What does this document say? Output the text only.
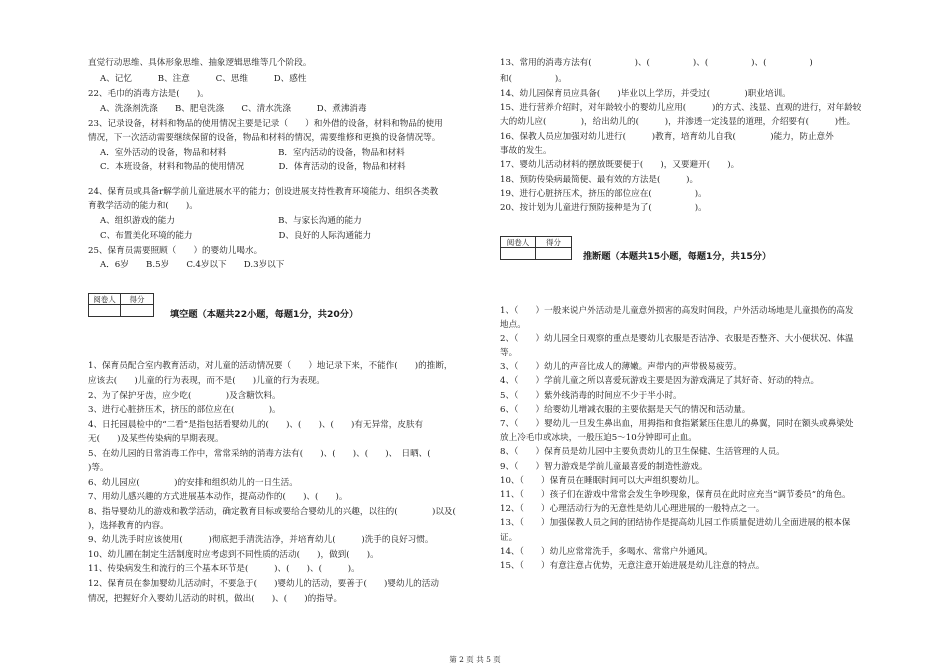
直觉行动思维、具体形象思维、抽象逻辑思维等几个阶段。
A、记忆　　　B、注意　　　C、思维　　　D、感性
22、毛巾的消毒方法是(　　)。
A、洗涤剂洗涤　　B、肥皂洗涤　　C、清水洗涤　　　D、煮沸消毒
23、记录设备，材料和物品的使用情况主要是记录（　　）和外借的设备，材料和物品的使用
情况，下一次活动需要继续保留的设备，物品和材料的情况，需要维修和更换的设备情况等。
A．室外活动的设备，物品和材料　　　　　　B．室内活动的设备，物品和材料
C．本班设备，材料和物品的使用情况　　　　D．体育活动的设备，物品和材料
24、保育员或具备r解学前儿童进展水平的能力；创设进展支持性教育环境能力、组织各类教
育教学活动的能力和(　　)。
A、组织游戏的能力　　　　　　　　　　　　B、与家长沟通的能力
C、布置美化环境的能力　　　　　　　　　　D、良好的人际沟通能力
25、保育员需要照顾（　　）的婴幼儿喝水。
A．6岁　　B.5岁　　C.4岁以下　　D.3岁以下
阅卷人	得分
填空题（本题共22小题，每题1分，共20分）
1、保育员配合室内教育活动，对儿童的活动情况要（　　）地记录下来，不能作(　　)的推断，
应该去(　　)儿童的行为表现，而不是(　　)儿童的行为表现。
2、为了保护牙齿，应少吃(　　　　)及含糖饮料。
3、进行心脏挤压术，挤压的部位应在(　　　　)。
4、日托园晨检中的“二看”是指包括看婴幼儿的(　　)、(　　)、(　　)有无异常，皮肤有
无(　　)及某些传染病的早期表现。
5、在幼儿园的日常消毒工作中，常常采纳的消毒方法有(　　)、(　　)、(　　)、　日晒、(　　
)等。
6、幼儿园应(　　　　)的安排和组织幼儿的一日生活。
7、用幼儿感兴趣的方式进展基本动作，提高动作的(　　)、(　　)。
8、指导婴幼儿的游戏和教学活动，确定教育目标或要给合婴幼儿的兴趣，以往的(　　　　)以及(
)，选择教育的内容。
9、幼儿洗手时应该使用(　　　)彻底把手清洗洁净，并培育幼儿(　　　)洗手的良好习惯。
10、幼儿圃在制定生活制度时应考虑到不同性质的活动(　　)，做到(　　)。
11、传染病发生和流行的三个基本环节是(　　　)、(　　)、(　　　)。
12、保育员在参加婴幼儿活动时，不要急于(　　)婴幼儿的活动，要善于(　　)婴幼儿的活动
情况，把握好介入婴幼儿活动的时机，做出(　　)、(　　)的指导。
13、常用的消毒方法有(　　　　　)、(　　　　　)、(　　　　　)、(　　　　　)
和(　　　　　)。
14、幼儿园保育员应具备(　　)毕业以上学历，并受过(　　　　)职业培训。
15、进行营养介绍时，对年龄较小的婴幼儿应用(　　　)的方式、浅显、直观的进行，对年龄较
大的幼儿应(　　　　)，给出幼儿的(　　　)，并渗透一定浅显的道理，介绍要有(　　　)性。
16、保教人员应加强对幼儿进行(　　　)教育，培育幼儿自我(　　　　)能力，防止意外
事故的发生。
17、婴幼儿活动材料的摆放既要便于(　　)，又要避开(　　)。
18、预防传染病最简便、最有效的方法是(　　　)。
19、进行心脏挤压术，挤压的部位应在(　　　　　)。
20、按计划为儿童进行预防接种是为了(　　　　　)。
阅卷人	得分
推断题（本题共15小题，每题1分，共15分）
1、（　　）一般来说户外活动是儿童意外损害的高发时间段，户外活动场地是儿童损伤的高发
地点。
2、（　　）幼儿园全日观察的重点是婴幼儿衣服是否洁净、衣服是否整齐、大小便状况、体温
等。
3、（　　）幼儿的声音比成人的薄嫩。声带内的声带极易疲劳。
4、（　　）学前儿童之所以喜爱玩游戏主要是因为游戏满足了其好奇、好动的特点。
5、（　　）紫外线消毒的时间应不少于半小时。
6、（　　）给婴幼儿增减衣服的主要依据是天气的情况和活动量。
7、（　　）婴幼儿一旦发生鼻出血，用拇指和食指紧紧压住患儿的鼻翼，同时在额头或鼻梁处
放上冷毛巾或冰块，一般压迫5～10分钟即可止血。
8、（　　）保育员是幼儿园中主要负责幼儿的卫生保健、生活管理的人员。
9、（　　）智力游戏是学前儿童最喜爱的制造性游戏。
10、（　　）保育员在睡眠时间可以大声组织婴幼儿。
11、（　　）孩子们在游戏中常常会发生争吵现象，保育员在此时应充当“调节委员”的角色。
12、（　　）心理活动行为的无意性是幼儿心理进展的一般特点之一。
13、（　　）加强保教人员之间的团结协作是提高幼儿园工作质量促进幼儿全面进展的根本保
证。
14、（　　）幼儿应常常洗手，多喝水、常常户外通风。
15、（　　）有意注意占优势，无意注意开始进展是幼儿注意的特点。
第 2 页 共 5 页
